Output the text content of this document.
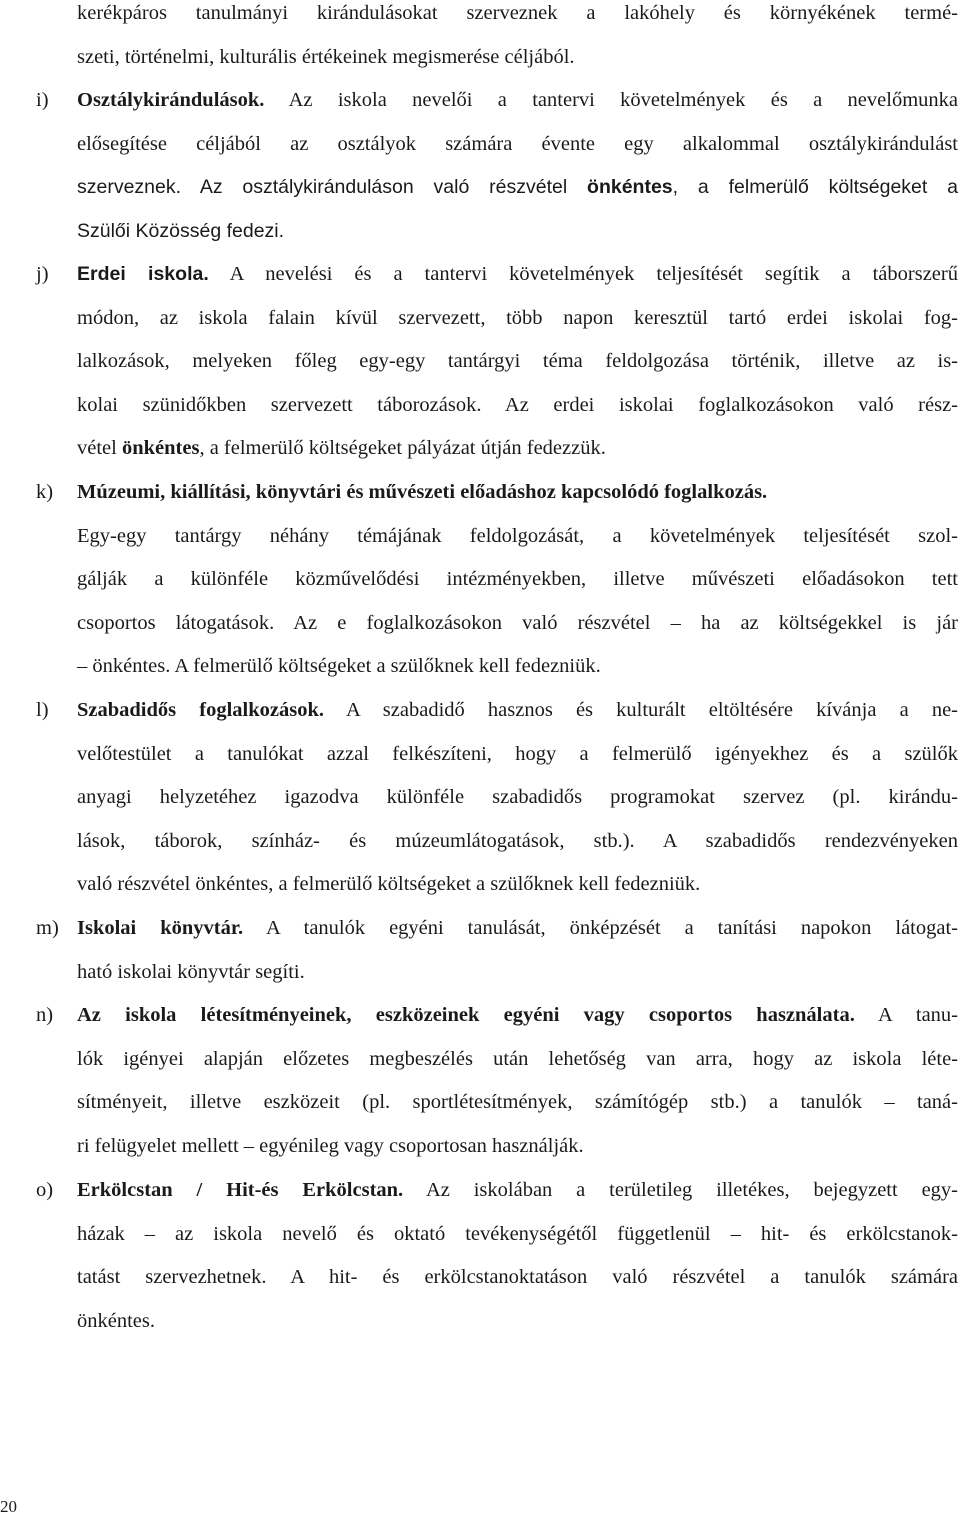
kerékpáros tanulmányi kirándulásokat szerveznek a lakóhely és környékének termé-
szeti, történelmi, kulturális értékeinek megismerése céljából.
i) Osztálykirándulások. Az iskola nevelői a tantervi követelmények és a nevelőmunka
elősegítése céljából az osztályok számára évente egy alkalommal osztálykirándulást
szerveznek. Az osztálykiránduláson való részvétel önkéntes, a felmerülő költségeket a
Szülői Közösség fedezi.
j) Erdei iskola. A nevelési és a tantervi követelmények teljesítését segítik a táborszerű
módon, az iskola falain kívül szervezett, több napon keresztül tartó erdei iskolai fog-
lalkozások, melyeken főleg egy-egy tantárgyi téma feldolgozása történik, illetve az is-
kolai szünidőkben szervezett táborozások. Az erdei iskolai foglalkozásokon való rész-
vétel önkéntes, a felmerülő költségeket pályázat útján fedezzük.
k) Múzeumi, kiállítási, könyvtári és művészeti előadáshoz kapcsolódó foglalkozás.
Egy-egy tantárgy néhány témájának feldolgozását, a követelmények teljesítését szol-
gálják a különféle közművelődési intézményekben, illetve művészeti előadásokon tett
csoportos látogatások. Az e foglalkozásokon való részvétel – ha az költségekkel is jár
– önkéntes. A felmerülő költségeket a szülőknek kell fedezniük.
l) Szabadidős foglalkozások. A szabadidő hasznos és kulturált eltöltésére kívánja a ne-
velőtestület a tanulókat azzal felkészíteni, hogy a felmerülő igényekhez és a szülők
anyagi helyzetéhez igazodva különféle szabadidős programokat szervez (pl. kirándu-
lások, táborok, színház- és múzeumlátogatások, stb.). A szabadidős rendezvényeken
való részvétel önkéntes, a felmerülő költségeket a szülőknek kell fedezniük.
m) Iskolai könyvtár. A tanulók egyéni tanulását, önképzését a tanítási napokon látogat-
ható iskolai könyvtár segíti.
n) Az iskola létesítményeinek, eszközeinek egyéni vagy csoportos használata. A tanu-
lók igényei alapján előzetes megbeszélés után lehetőség van arra, hogy az iskola léte-
sítményeit, illetve eszközeit (pl. sportlétesítmények, számítógép stb.) a tanulók – taná-
ri felügyelet mellett – egyénileg vagy csoportosan használják.
o) Erkölcstan / Hit-és Erkölcstan. Az iskolában a területileg illetékes, bejegyzett egy-
házak – az iskola nevelő és oktató tevékenységétől függetlenül – hit- és erkölcstanok-
tatást szervezhetnek. A hit- és erkölcstanoktatáson való részvétel a tanulók számára
önkéntes.
20
